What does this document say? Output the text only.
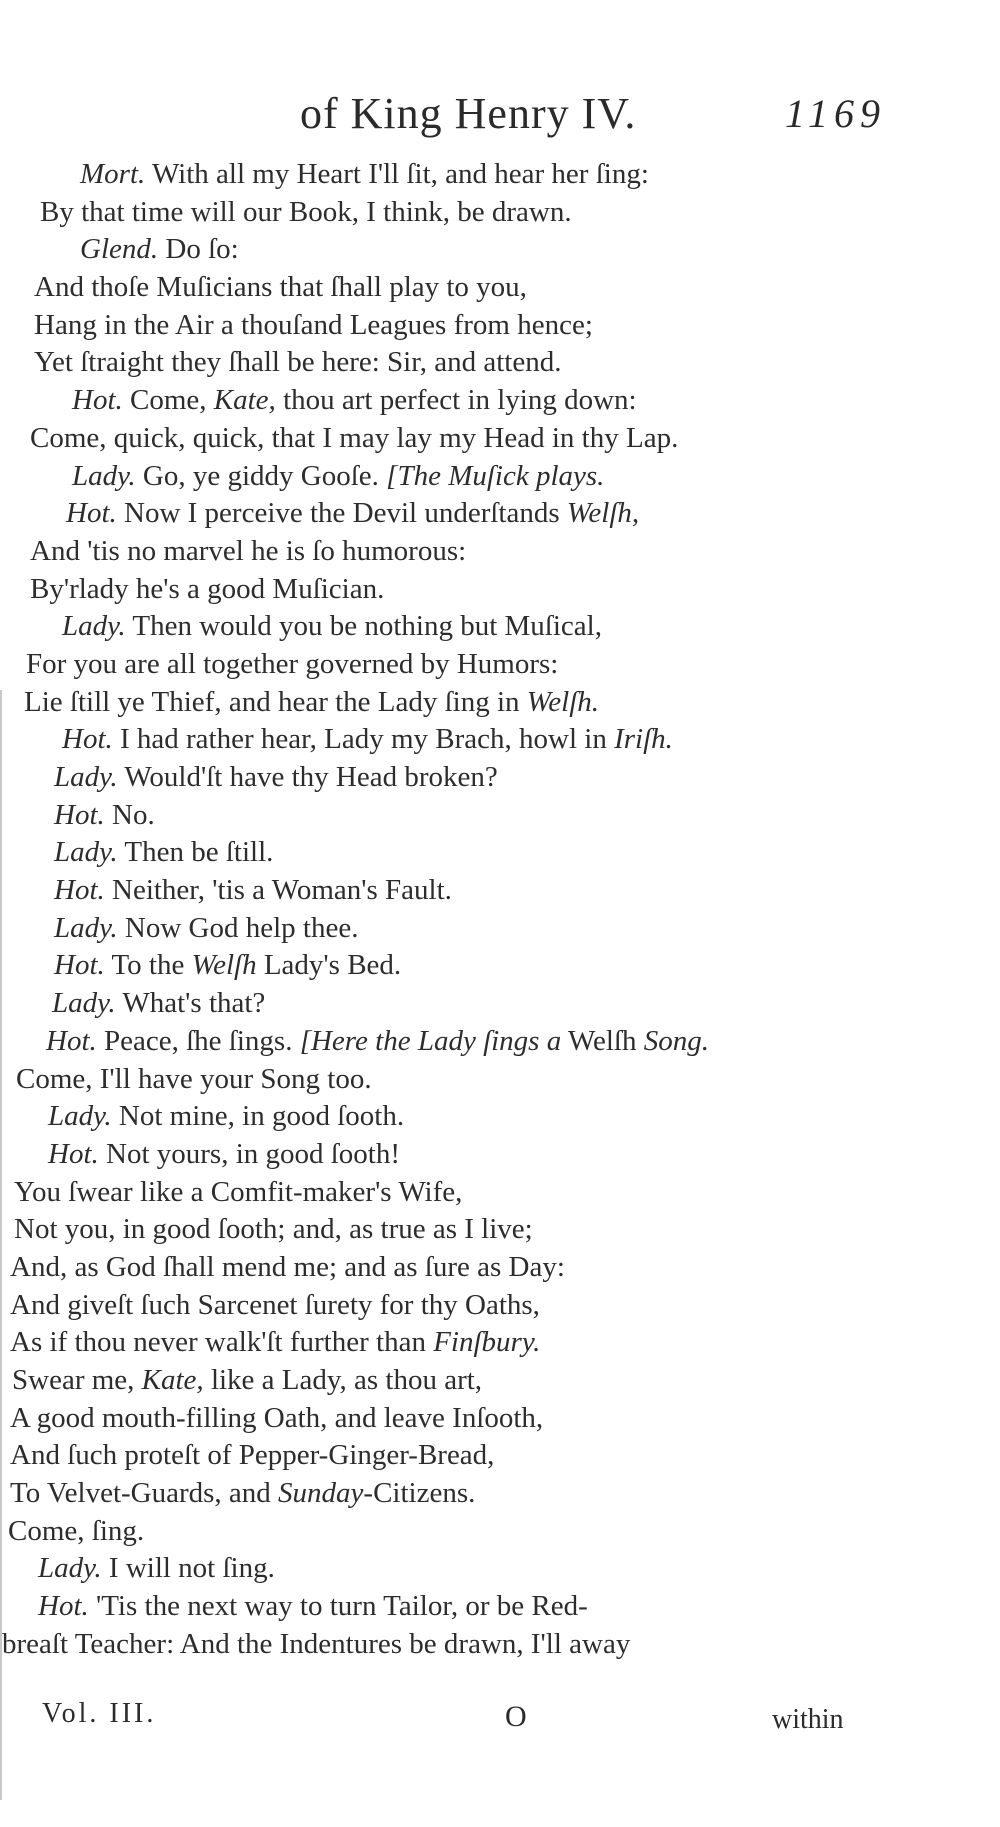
of King Henry IV.	1169
Mort. With all my Heart I'll ſit, and hear her ſing:
By that time will our Book, I think, be drawn.
Glend. Do ſo:
And thoſe Muſicians that ſhall play to you,
Hang in the Air a thouſand Leagues from hence;
Yet ſtraight they ſhall be here: Sir, and attend.
Hot. Come, Kate, thou art perfect in lying down:
Come, quick, quick, that I may lay my Head in thy Lap.
Lady. Go, ye giddy Gooſe. [The Muſick plays.
Hot. Now I perceive the Devil underſtands Welſh,
And 'tis no marvel he is ſo humorous:
By'rlady he's a good Muſician.
Lady. Then would you be nothing but Muſical,
For you are all together governed by Humors:
Lie ſtill ye Thief, and hear the Lady ſing in Welſh.
Hot. I had rather hear, Lady my Brach, howl in Iriſh.
Lady. Would'ſt have thy Head broken?
Hot. No.
Lady. Then be ſtill.
Hot. Neither, 'tis a Woman's Fault.
Lady. Now God help thee.
Hot. To the Welſh Lady's Bed.
Lady. What's that?
Hot. Peace, ſhe ſings. [Here the Lady ſings a Welſh Song.
Come, I'll have your Song too.
Lady. Not mine, in good ſooth.
Hot. Not yours, in good ſooth!
You ſwear like a Comfit-maker's Wife,
Not you, in good ſooth; and, as true as I live;
And, as God ſhall mend me; and as ſure as Day:
And giveſt ſuch Sarcenet ſurety for thy Oaths,
As if thou never walk'ſt further than Finſbury.
Swear me, Kate, like a Lady, as thou art,
A good mouth-filling Oath, and leave Inſooth,
And ſuch proteſt of Pepper-Ginger-Bread,
To Velvet-Guards, and Sunday-Citizens.
Come, ſing.
Lady. I will not ſing.
Hot. 'Tis the next way to turn Tailor, or be Red-
breaſt Teacher: And the Indentures be drawn, I'll away
Vol. III.	O	within
